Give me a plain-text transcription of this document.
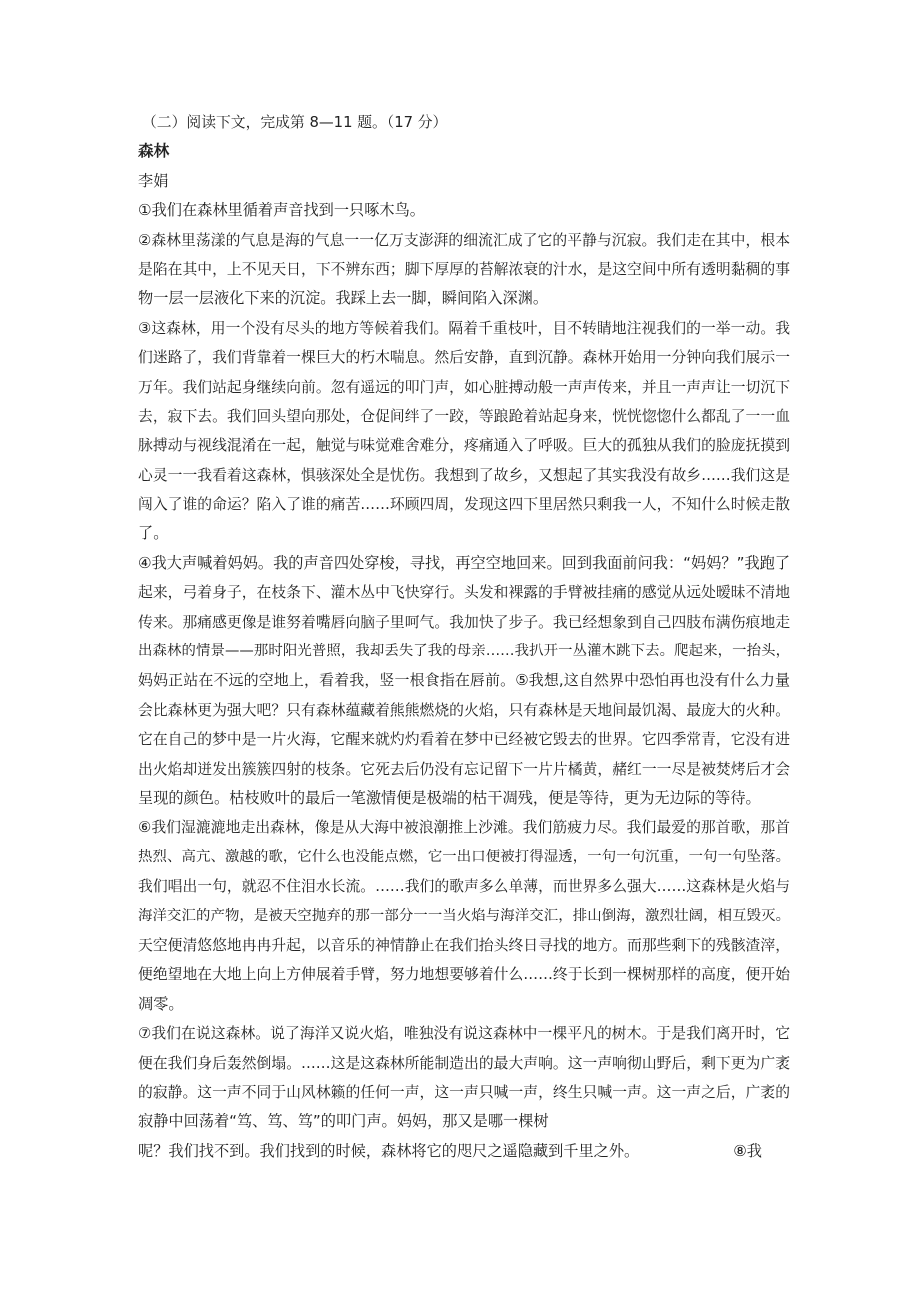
（二）阅读下文，完成第 8—11 题。（17 分）
森林
李娟
①我们在森林里循着声音找到一只啄木鸟。
②森林里荡漾的气息是海的气息一一亿万支澎湃的细流汇成了它的平静与沉寂。我们走在其中，根本
是陷在其中，上不见天日，下不辨东西；脚下厚厚的苔解浓衰的汁水，是这空间中所有透明黏稠的事
物一层一层液化下来的沉淀。我踩上去一脚，瞬间陷入深渊。
③这森林，用一个没有尽头的地方等候着我们。隔着千重枝叶，目不转睛地注视我们的一举一动。我
们迷路了，我们背靠着一棵巨大的朽木喘息。然后安静，直到沉静。森林开始用一分钟向我们展示一
万年。我们站起身继续向前。忽有遥远的叩门声，如心脏搏动般一声声传来，并且一声声让一切沉下
去，寂下去。我们回头望向那处，仓促间绊了一跤，等踉跄着站起身来，恍恍惚惚什么都乱了一一血
脉搏动与视线混淆在一起，触觉与味觉难舍难分，疼痛通入了呼吸。巨大的孤独从我们的脸庞抚摸到
心灵一一我看着这森林，惧骇深处全是忧伤。我想到了故乡，又想起了其实我没有故乡……我们这是
闯入了谁的命运？陷入了谁的痛苦……环顾四周，发现这四下里居然只剩我一人，不知什么时候走散
了。
④我大声喊着妈妈。我的声音四处穿梭，寻找，再空空地回来。回到我面前问我：“妈妈？”我跑了
起来，弓着身子，在枝条下、灌木丛中飞快穿行。头发和裸露的手臂被挂痛的感觉从远处暧昧不清地
传来。那痛感更像是谁努着嘴唇向脑子里呵气。我加快了步子。我已经想象到自己四肢布满伤痕地走
出森林的情景——那时阳光普照，我却丢失了我的母亲……我扒开一丛灌木跳下去。爬起来，一抬头，
妈妈正站在不远的空地上，看着我，竖一根食指在唇前。⑤我想,这自然界中恐怕再也没有什么力量
会比森林更为强大吧？只有森林蕴藏着熊熊燃烧的火焰，只有森林是天地间最饥渴、最庞大的火种。
它在自己的梦中是一片火海，它醒来就灼灼看着在梦中已经被它毁去的世界。它四季常青，它没有进
出火焰却迸发出簇簇四射的枝条。它死去后仍没有忘记留下一片片橘黄，赭红一一尽是被焚烤后才会
呈现的颜色。枯枝败叶的最后一笔激情便是极端的枯干凋残，便是等待，更为无边际的等待。
⑥我们湿漉漉地走出森林，像是从大海中被浪潮推上沙滩。我们筋疲力尽。我们最爱的那首歌，那首
热烈、高亢、激越的歌，它什么也没能点燃，它一出口便被打得湿透，一句一句沉重，一句一句坠落。
我们唱出一句，就忍不住泪水长流。……我们的歌声多么单薄，而世界多么强大……这森林是火焰与
海洋交汇的产物，是被天空抛弃的那一部分一一当火焰与海洋交汇，排山倒海，激烈壮阔，相互毁灭。
天空便清悠悠地冉冉升起，以音乐的神情静止在我们抬头终日寻找的地方。而那些剩下的残骸渣滓，
便绝望地在大地上向上方伸展着手臂，努力地想要够着什么……终于长到一棵树那样的高度，便开始
凋零。
⑦我们在说这森林。说了海洋又说火焰，唯独没有说这森林中一棵平凡的树木。于是我们离开时，它
便在我们身后轰然倒塌。……这是这森林所能制造出的最大声响。这一声响彻山野后，剩下更为广袤
的寂静。这一声不同于山风林籁的任何一声，这一声只喊一声，终生只喊一声。这一声之后，广袤的
寂静中回荡着“笃、笃、笃”的叩门声。妈妈，那又是哪一棵树
呢？我们找不到。我们找到的时候，森林将它的咫尺之遥隐藏到千里之外。	⑧我
